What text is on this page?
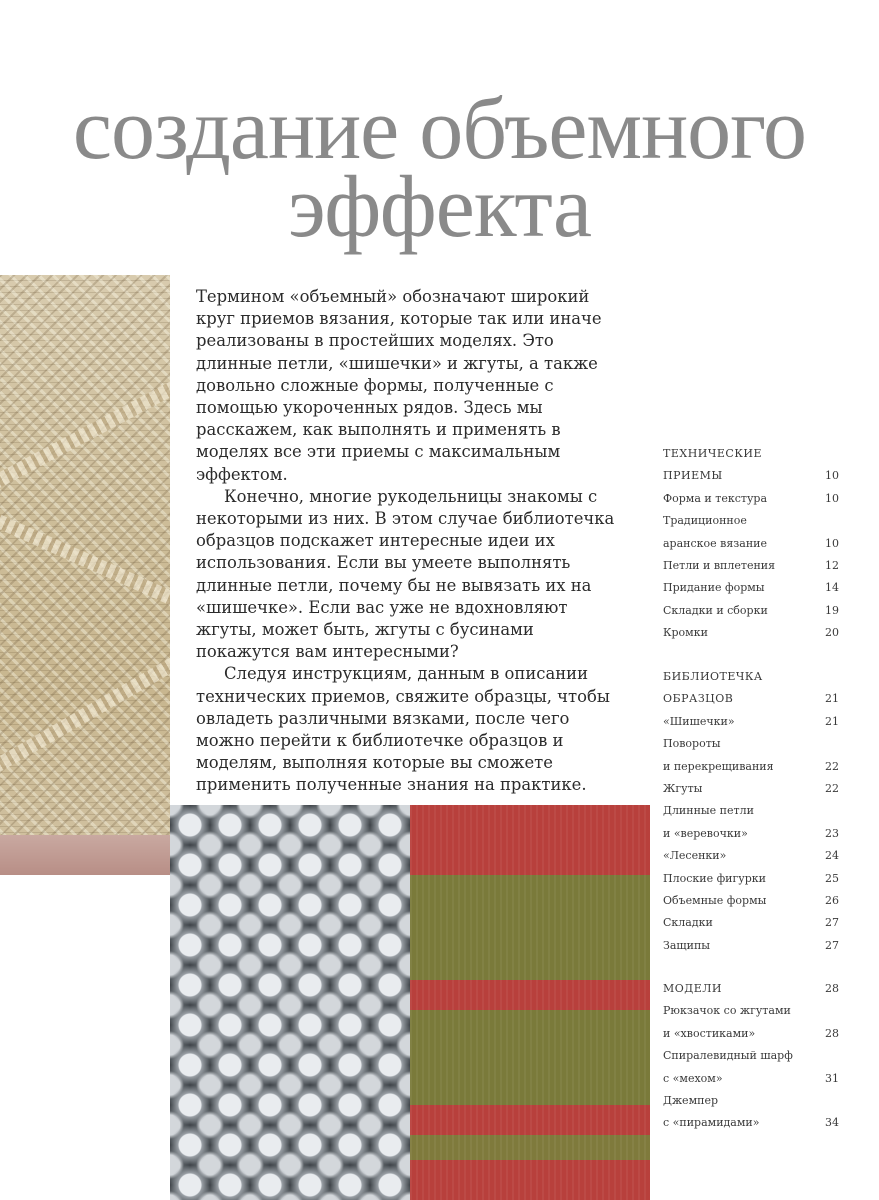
создание объемного
эффекта

Термином «объемный» обозначают широкий круг приемов вязания, которые так или иначе реализованы в простейших моделях. Это длинные петли, «шишечки» и жгуты, а также довольно сложные формы, полученные с помощью укороченных рядов. Здесь мы расскажем, как выполнять и применять в моделях все эти приемы с максимальным эффектом.

Конечно, многие рукодельницы знакомы с некоторыми из них. В этом случае библиотечка образцов подскажет интересные идеи их использования. Если вы умеете выполнять длинные петли, почему бы не вывязать их на «шишечке». Если вас уже не вдохновляют жгуты, может быть, жгуты с бусинами покажутся вам интересными?

Следуя инструкциям, данным в описании технических приемов, свяжите образцы, чтобы овладеть различными вязками, после чего можно перейти к библиотечке образцов и моделям, выполняя которые вы сможете применить полученные знания на практике.

ТЕХНИЧЕСКИЕ
ПРИЕМЫ	10
Форма и текстура	10
Традиционное
аранское вязание	10
Петли и вплетения	12
Придание формы	14
Складки и сборки	19
Кромки	20
БИБЛИОТЕЧКА
ОБРАЗЦОВ	21
«Шишечки»	21
Повороты
и перекрещивания	22
Жгуты	22
Длинные петли
и «веревочки»	23
«Лесенки»	24
Плоские фигурки	25
Объемные формы	26
Складки	27
Защипы	27
МОДЕЛИ	28
Рюкзачок со жгутами
и «хвостиками»	28
Спиралевидный шарф
с «мехом»	31
Джемпер
с «пирамидами»	34
